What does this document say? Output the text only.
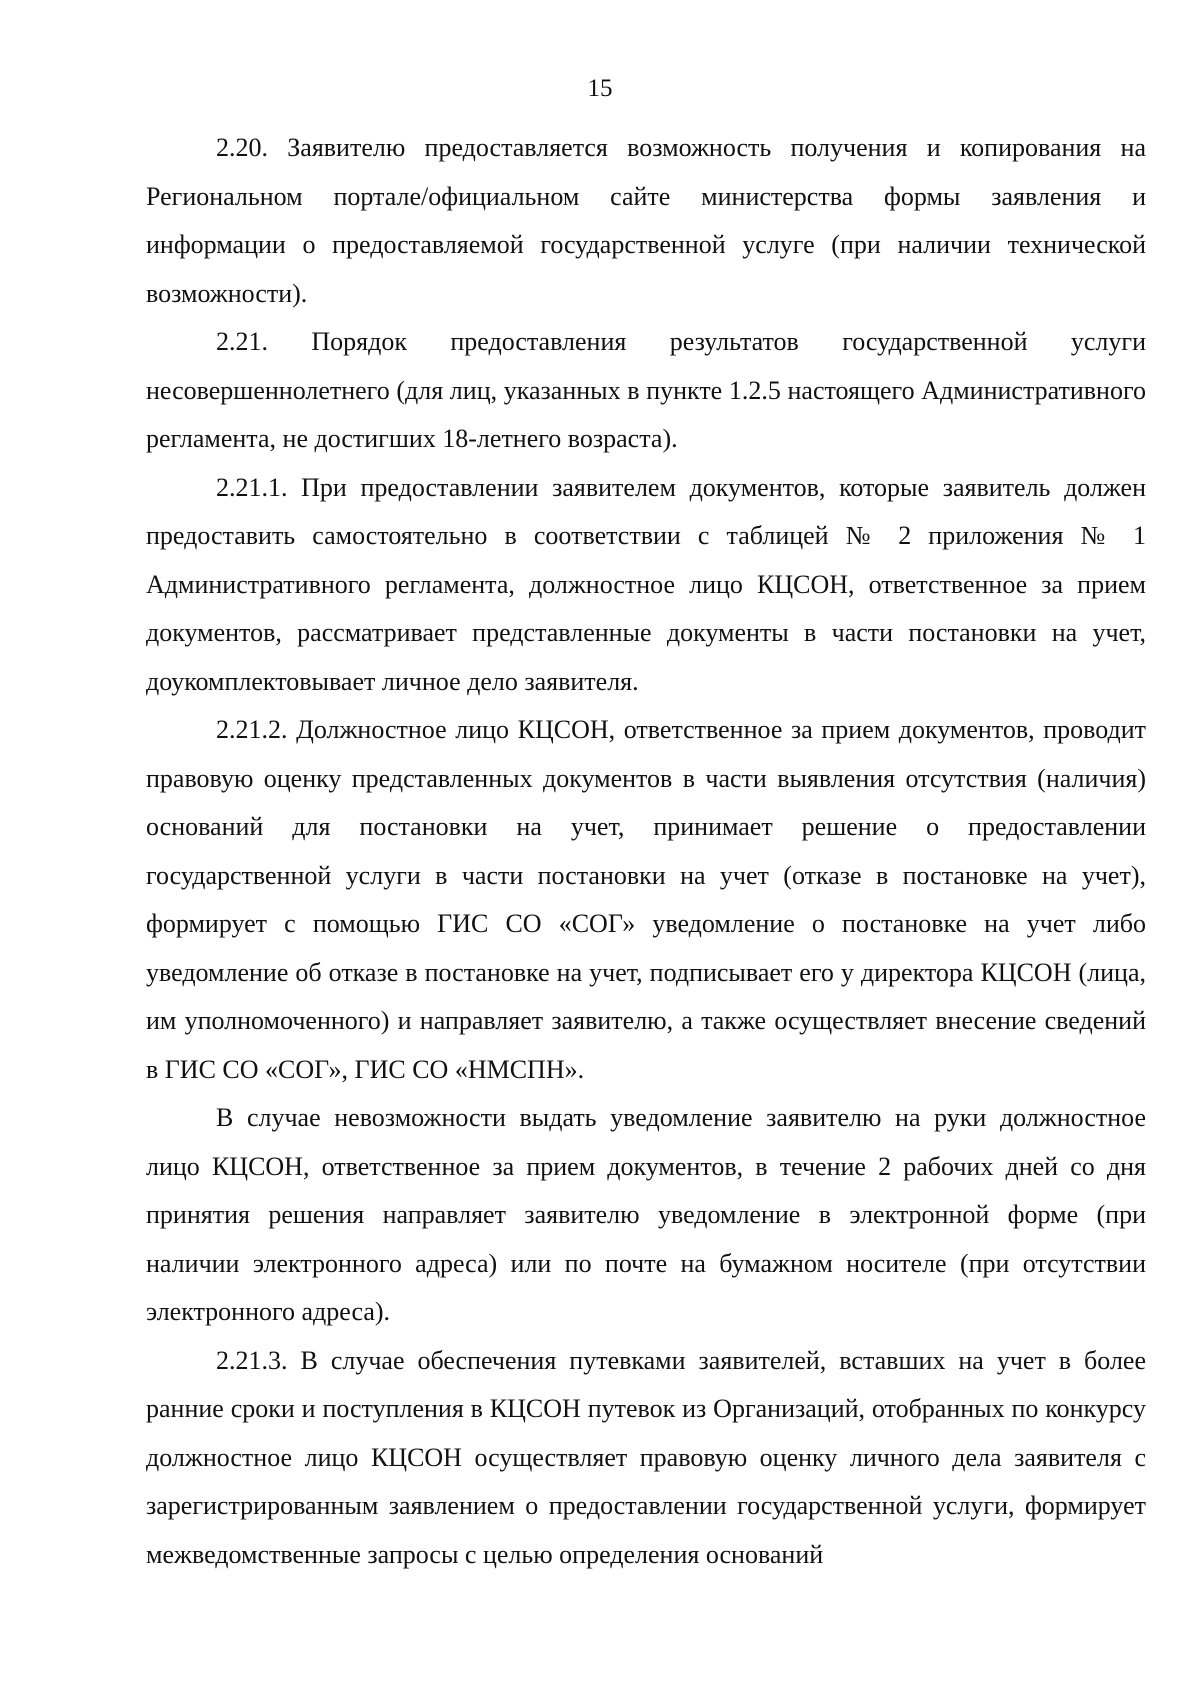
15

2.20. Заявителю предоставляется возможность получения и копирования на Региональном портале/официальном сайте министерства формы заявления и информации о предоставляемой государственной услуге (при наличии технической возможности).

2.21. Порядок предоставления результатов государственной услуги несовершеннолетнего (для лиц, указанных в пункте 1.2.5 настоящего Административного регламента, не достигших 18-летнего возраста).

2.21.1. При предоставлении заявителем документов, которые заявитель должен предоставить самостоятельно в соответствии с таблицей № 2 приложения № 1 Административного регламента, должностное лицо КЦСОН, ответственное за прием документов, рассматривает представленные документы в части постановки на учет, доукомплектовывает личное дело заявителя.

2.21.2. Должностное лицо КЦСОН, ответственное за прием документов, проводит правовую оценку представленных документов в части выявления отсутствия (наличия) оснований для постановки на учет, принимает решение о предоставлении государственной услуги в части постановки на учет (отказе в постановке на учет), формирует с помощью ГИС СО «СОГ» уведомление о постановке на учет либо уведомление об отказе в постановке на учет, подписывает его у директора КЦСОН (лица, им уполномоченного) и направляет заявителю, а также осуществляет внесение сведений в ГИС СО «СОГ», ГИС СО «НМСПН».

В случае невозможности выдать уведомление заявителю на руки должностное лицо КЦСОН, ответственное за прием документов, в течение 2 рабочих дней со дня принятия решения направляет заявителю уведомление в электронной форме (при наличии электронного адреса) или по почте на бумажном носителе (при отсутствии электронного адреса).

2.21.3. В случае обеспечения путевками заявителей, вставших на учет в более ранние сроки и поступления в КЦСОН путевок из Организаций, отобранных по конкурсу должностное лицо КЦСОН осуществляет правовую оценку личного дела заявителя с зарегистрированным заявлением о предоставлении государственной услуги, формирует межведомственные запросы с целью определения оснований
